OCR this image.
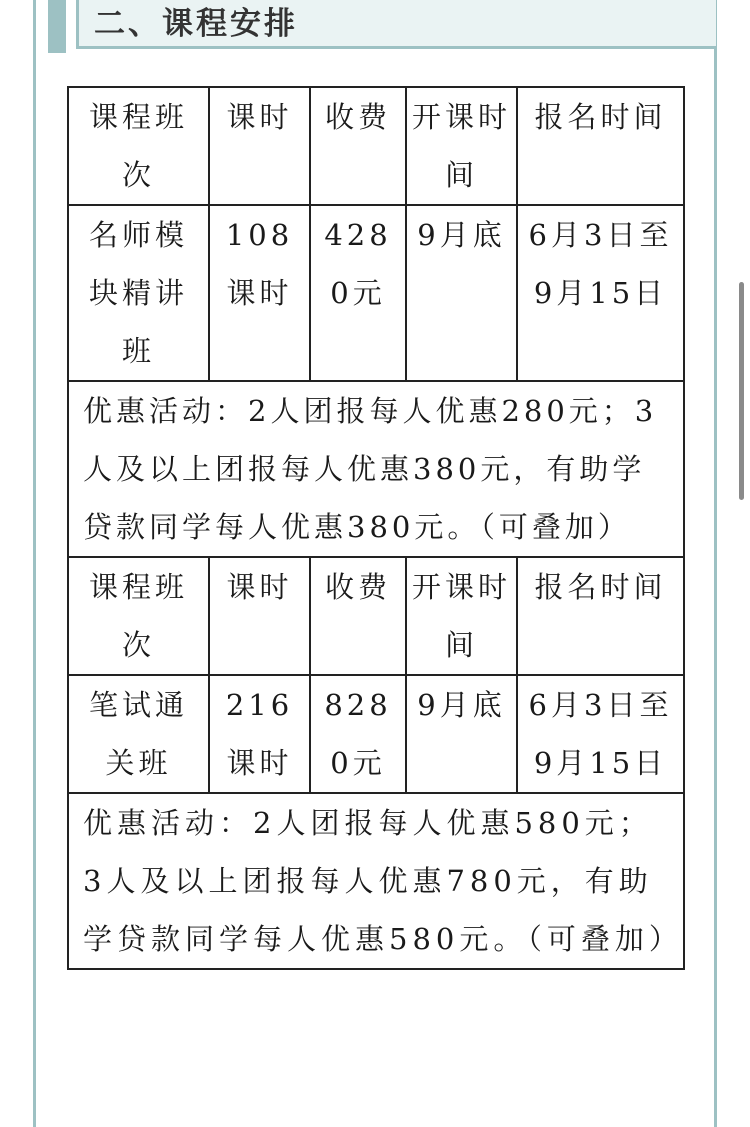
二、课程安排
课程班次	课时	收费	开课时间	报名时间
名师模块精讲班	108课时	4280元	9月底	6月3日至9月15日
优惠活动：2人团报每人优惠280元；3人及以上团报每人优惠380元，有助学贷款同学每人优惠380元。（可叠加）				
课程班次	课时	收费	开课时间	报名时间
笔试通关班	216课时	8280元	9月底	6月3日至9月15日
优惠活动：2人团报每人优惠580元；3人及以上团报每人优惠780元，有助学贷款同学每人优惠580元。（可叠加）				
